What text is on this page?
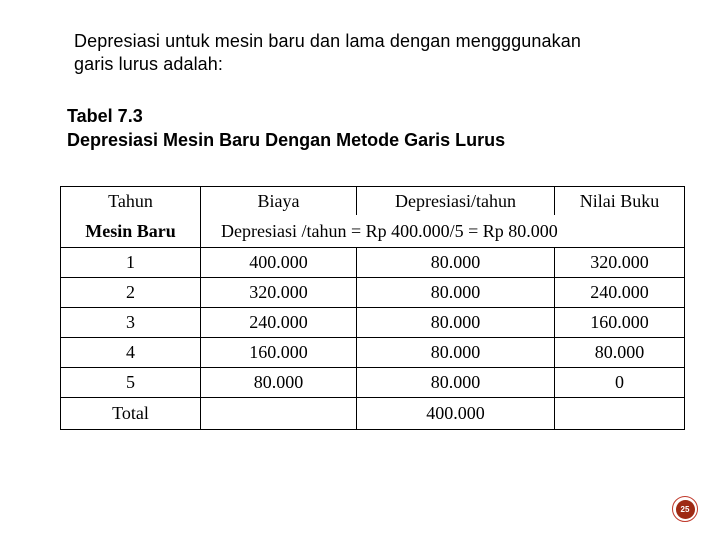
Depresiasi untuk mesin baru dan lama dengan mengggunakan
garis lurus adalah:
Tabel 7.3
Depresiasi Mesin Baru Dengan Metode Garis Lurus
Tahun	Biaya	Depresiasi/tahun	Nilai Buku
Mesin Baru	Depresiasi /tahun = Rp 400.000/5 = Rp 80.000		
1	400.000	80.000	320.000
2	320.000	80.000	240.000
3	240.000	80.000	160.000
4	160.000	80.000	80.000
5	80.000	80.000	0
Total		400.000	
25
